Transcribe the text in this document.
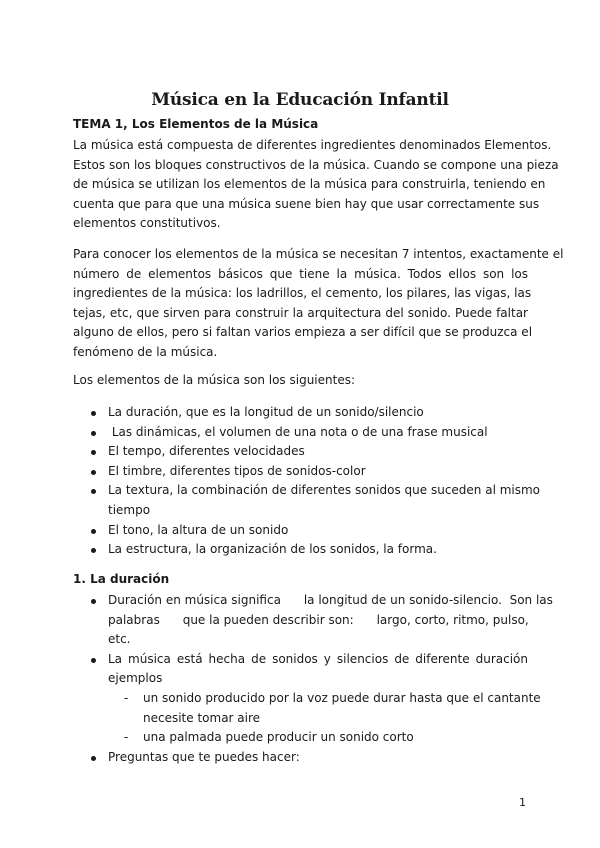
Música en la Educación Infantil
TEMA 1, Los Elementos de la Música

La música está compuesta de diferentes ingredientes denominados Elementos.
Estos son los bloques constructivos de la música. Cuando se compone una pieza
de música se utilizan los elementos de la música para construirla, teniendo en
cuenta que para que una música suene bien hay que usar correctamente sus
elementos constitutivos.

Para conocer los elementos de la música se necesitan 7 intentos, exactamente el
número de elementos básicos que tiene la música. Todos ellos son los
ingredientes de la música: los ladrillos, el cemento, los pilares, las vigas, las
tejas, etc, que sirven para construir la arquitectura del sonido. Puede faltar
alguno de ellos, pero si faltan varios empieza a ser difícil que se produzca el
fenómeno de la música.

Los elementos de la música son los siguientes:
La duración, que es la longitud de un sonido/silencio
Las dinámicas, el volumen de una nota o de una frase musical
El tempo, diferentes velocidades
El timbre, diferentes tipos de sonidos-color
La textura, la combinación de diferentes sonidos que suceden al mismo
tiempo
El tono, la altura de un sonido
La estructura, la organización de los sonidos, la forma.
1. La duración
Duración en música significa      la longitud de un sonido-silencio.  Son las
palabras      que la pueden describir son:      largo, corto, ritmo, pulso,
etc.
La música está hecha de sonidos y silencios de diferente duración
ejemplos
- un sonido producido por la voz puede durar hasta que el cantante
necesite tomar aire
- una palmada puede producir un sonido corto
Preguntas que te puedes hacer:
1
